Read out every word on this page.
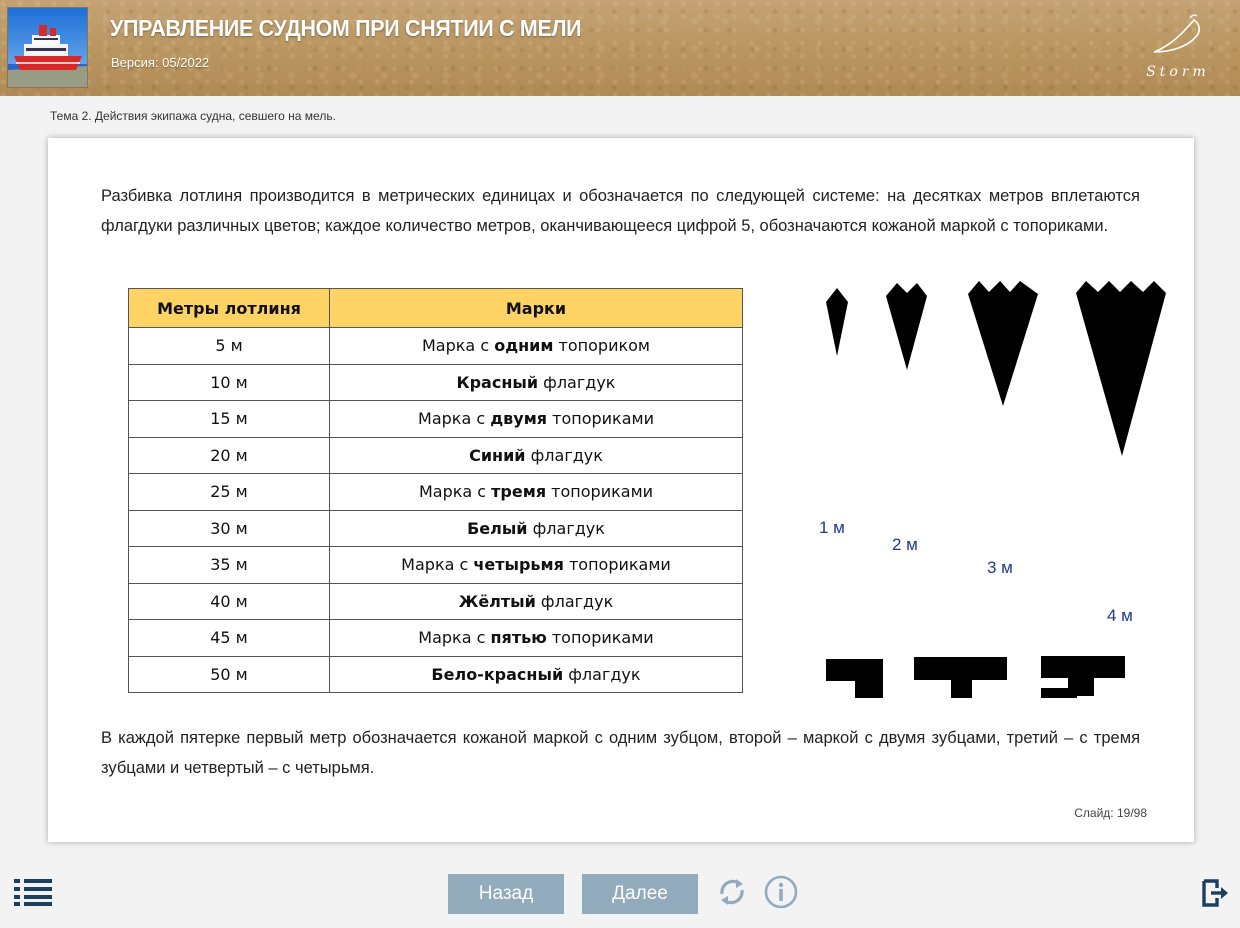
УПРАВЛЕНИЕ СУДНОМ ПРИ СНЯТИИ С МЕЛИ
Версия: 05/2022
Storm
Тема 2. Действия экипажа судна, севшего на мель.
Разбивка лотлиня производится в метрических единицах и обозначается по следующей системе: на десятках метров вплетаются флагдуки различных цветов; каждое количество метров, оканчивающееся цифрой 5, обозначаются кожаной маркой с топориками.
Метры лотлиня	Марки
5 м	Марка с одним топориком
10 м	Красный флагдук
15 м	Марка с двумя топориками
20 м	Синий флагдук
25 м	Марка с тремя топориками
30 м	Белый флагдук
35 м	Марка с четырьмя топориками
40 м	Жёлтый флагдук
45 м	Марка с пятью топориками
50 м	Бело-красный флагдук
1 м
2 м
3 м
4 м
В каждой пятерке первый метр обозначается кожаной маркой с одним зубцом, второй – маркой с двумя зубцами, третий – с тремя зубцами и четвертый – с четырьмя.
Слайд: 19/98
Назад	Далее
